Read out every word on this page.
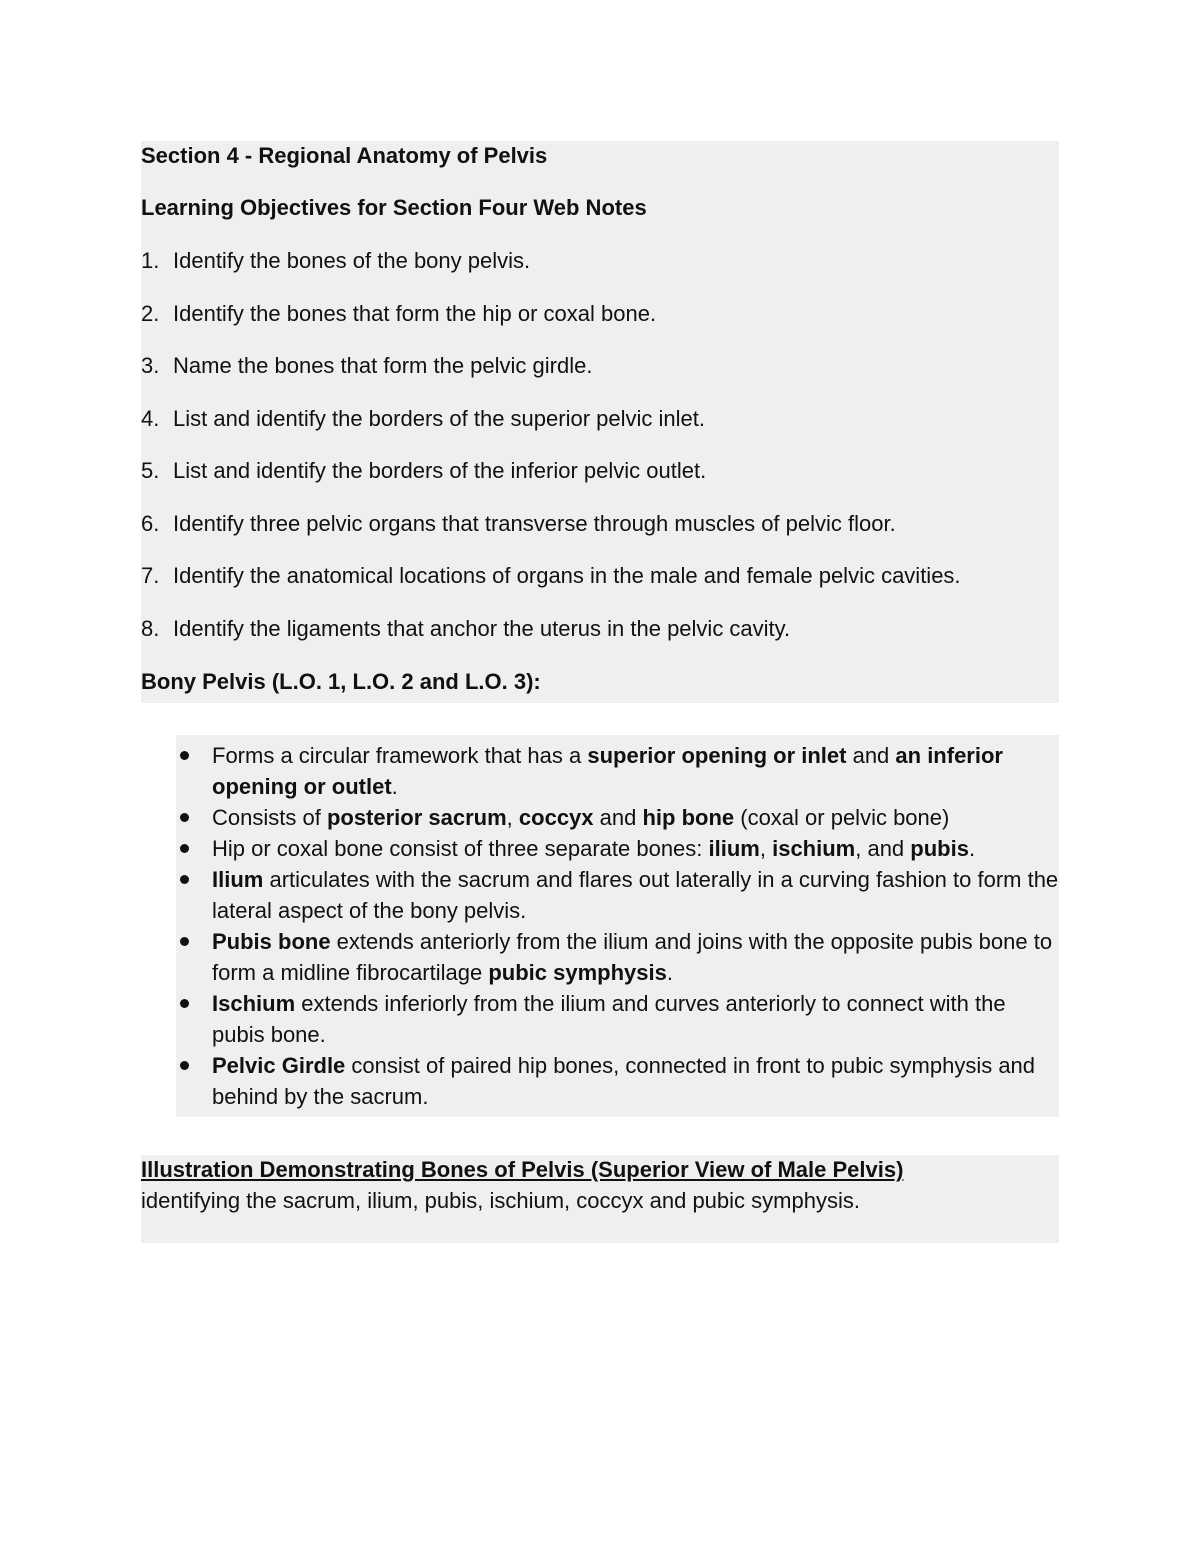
Section 4 - Regional Anatomy of Pelvis
Learning Objectives for Section Four Web Notes
1. Identify the bones of the bony pelvis.
2. Identify the bones that form the hip or coxal bone.
3. Name the bones that form the pelvic girdle.
4. List and identify the borders of the superior pelvic inlet.
5. List and identify the borders of the inferior pelvic outlet.
6. Identify three pelvic organs that transverse through muscles of pelvic floor.
7. Identify the anatomical locations of organs in the male and female pelvic cavities.
8. Identify the ligaments that anchor the uterus in the pelvic cavity.
Bony Pelvis (L.O. 1, L.O. 2 and L.O. 3):
Forms a circular framework that has a superior opening or inlet and an inferior opening or outlet.
Consists of posterior sacrum, coccyx and hip bone (coxal or pelvic bone)
Hip or coxal bone consist of three separate bones: ilium, ischium, and pubis.
Ilium articulates with the sacrum and flares out laterally in a curving fashion to form the lateral aspect of the bony pelvis.
Pubis bone extends anteriorly from the ilium and joins with the opposite pubis bone to form a midline fibrocartilage pubic symphysis.
Ischium extends inferiorly from the ilium and curves anteriorly to connect with the pubis bone.
Pelvic Girdle consist of paired hip bones, connected in front to pubic symphysis and behind by the sacrum.
Illustration Demonstrating Bones of Pelvis (Superior View of Male Pelvis)
identifying the sacrum, ilium, pubis, ischium, coccyx and pubic symphysis.
